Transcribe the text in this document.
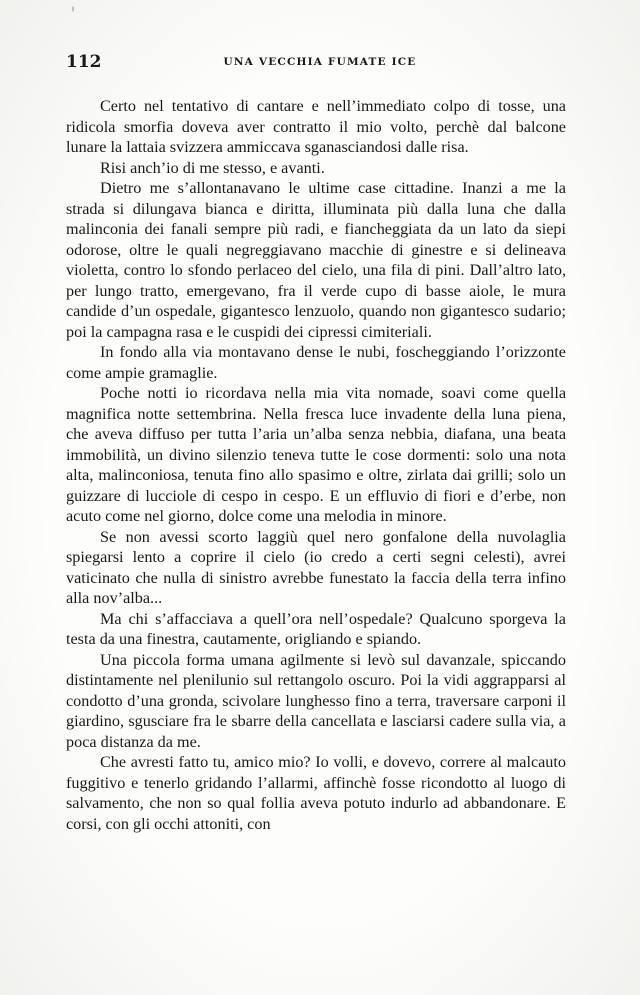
112	UNA VECCHIA FUMATE ICE

Certo nel tentativo di cantare e nell’immediato colpo di tosse, una ridicola smorfia doveva aver contratto il mio volto, perchè dal balcone lunare la lattaia svizzera ammiccava sganasciandosi dalle risa.

Risi anch’io di me stesso, e avanti.

Dietro me s’allontanavano le ultime case cittadine. Inanzi a me la strada si dilungava bianca e diritta, illuminata più dalla luna che dalla malinconia dei fanali sempre più radi, e fiancheggiata da un lato da siepi odorose, oltre le quali negreggiavano macchie di ginestre e si delineava violetta, contro lo sfondo perlaceo del cielo, una fila di pini. Dall’altro lato, per lungo tratto, emergevano, fra il verde cupo di basse aiole, le mura candide d’un ospedale, gigantesco lenzuolo, quando non gigantesco sudario; poi la campagna rasa e le cuspidi dei cipressi cimiteriali.

In fondo alla via montavano dense le nubi, foscheggiando l’orizzonte come ampie gramaglie.

Poche notti io ricordava nella mia vita nomade, soavi come quella magnifica notte settembrina. Nella fresca luce invadente della luna piena, che aveva diffuso per tutta l’aria un’alba senza nebbia, diafana, una beata immobilità, un divino silenzio teneva tutte le cose dormenti: solo una nota alta, malinconiosa, tenuta fino allo spasimo e oltre, zirlata dai grilli; solo un guizzare di lucciole di cespo in cespo. E un effluvio di fiori e d’erbe, non acuto come nel giorno, dolce come una melodia in minore.

Se non avessi scorto laggiù quel nero gonfalone della nuvolaglia spiegarsi lento a coprire il cielo (io credo a certi segni celesti), avrei vaticinato che nulla di sinistro avrebbe funestato la faccia della terra infino alla nov’alba...

Ma chi s’affacciava a quell’ora nell’ospedale? Qualcuno sporgeva la testa da una finestra, cautamente, origliando e spiando.

Una piccola forma umana agilmente si levò sul davanzale, spiccando distintamente nel plenilunio sul rettangolo oscuro. Poi la vidi aggrapparsi al condotto d’una gronda, scivolare lunghesso fino a terra, traversare carponi il giardino, sgusciare fra le sbarre della cancellata e lasciarsi cadere sulla via, a poca distanza da me.

Che avresti fatto tu, amico mio? Io volli, e dovevo, correre al malcauto fuggitivo e tenerlo gridando l’allarmi, affinchè fosse ricondotto al luogo di salvamento, che non so qual follia aveva potuto indurlo ad abbandonare. E corsi, con gli occhi attoniti, con
